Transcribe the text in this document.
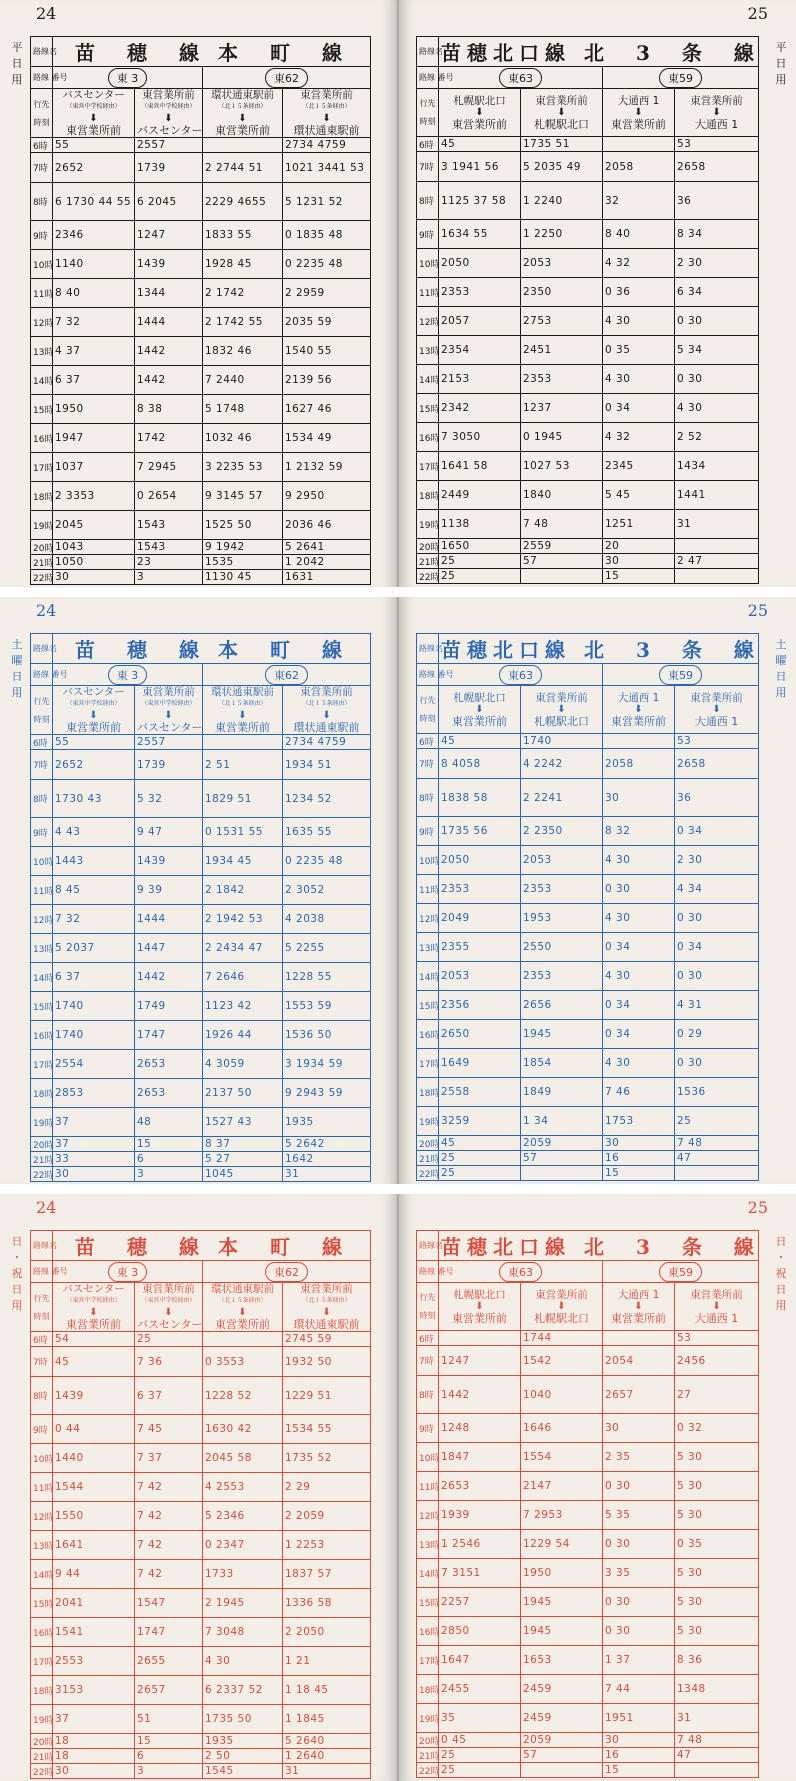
24
平
日
用
路線名	苗　穂　線 本　町　線			
路線 番号	東 3		東62	
行先

時刻	バスセンター
（東営中学校経由）
⬇
東営業所前	東営業所前
（東営中学校経由）
⬇
バスセンター	環状通東駅前
（北１５条経由）
⬇
東営業所前	東営業所前
（北１５条経由）
⬇
環状通東駅前

6時	55	2557		2734 4759
7時	2652	1739	2 2744 51	1021 3441 53
8時	6 1730 44 55	6 2045	2229 4655	5 1231 52
9時	2346	1247	1833 55	0 1835 48
10時	1140	1439	1928 45	0 2235 48
11時	8 40	1344	2 1742	2 2959
12時	7 32	1444	2 1742 55	2035 59
13時	4 37	1442	1832 46	1540 55
14時	6 37	1442	7 2440	2139 56
15時	1950	8 38	5 1748	1627 46
16時	1947	1742	1032 46	1534 49
17時	1037	7 2945	3 2235 53	1 2132 59
18時	2 3353	0 2654	9 3145 57	9 2950
19時	2045	1543	1525 50	2036 46
20時	1043	1543	9 1942	5 2641
21時	1050	23	1535	1 2042
22時	30	3	1130 45	1631
25
平
日
用
路線名	苗穂北口線 北　3　条　線			
路線 番号	東63		東59	
行先

時刻	札幌駅北口
⬇
東営業所前	東営業所前
⬇
札幌駅北口	大通西 1
⬇
東営業所前	東営業所前
⬇
大通西 1

6時	45	1735 51		53
7時	3 1941 56	5 2035 49	2058	2658
8時	1125 37 58	1 2240	32	36
9時	1634 55	1 2250	8 40	8 34
10時	2050	2053	4 32	2 30
11時	2353	2350	0 36	6 34
12時	2057	2753	4 30	0 30
13時	2354	2451	0 35	5 34
14時	2153	2353	4 30	0 30
15時	2342	1237	0 34	4 30
16時	7 3050	0 1945	4 32	2 52
17時	1641 58	1027 53	2345	1434
18時	2449	1840	5 45	1441
19時	1138	7 48	1251	31
20時	1650	2559	20	
21時	25	57	30	2 47
22時	25		15	
24
土
曜
日
用
路線名	苗　穂　線 本　町　線			
路線 番号	東 3		東62	
行先

時刻	バスセンター
（東営中学校経由）
⬇
東営業所前	東営業所前
（東営中学校経由）
⬇
バスセンター	環状通東駅前
（北１５条経由）
⬇
東営業所前	東営業所前
（北１５条経由）
⬇
環状通東駅前

6時	55	2557		2734 4759
7時	2652	1739	2 51	1934 51
8時	1730 43	5 32	1829 51	1234 52
9時	4 43	9 47	0 1531 55	1635 55
10時	1443	1439	1934 45	0 2235 48
11時	8 45	9 39	2 1842	2 3052
12時	7 32	1444	2 1942 53	4 2038
13時	5 2037	1447	2 2434 47	5 2255
14時	6 37	1442	7 2646	1228 55
15時	1740	1749	1123 42	1553 59
16時	1740	1747	1926 44	1536 50
17時	2554	2653	4 3059	3 1934 59
18時	2853	2653	2137 50	9 2943 59
19時	37	48	1527 43	1935
20時	37	15	8 37	5 2642
21時	33	6	5 27	1642
22時	30	3	1045	31
25
土
曜
日
用
路線名	苗穂北口線 北　3　条　線			
路線 番号	東63		東59	
行先

時刻	札幌駅北口
⬇
東営業所前	東営業所前
⬇
札幌駅北口	大通西 1
⬇
東営業所前	東営業所前
⬇
大通西 1

6時	45	1740		53
7時	8 4058	4 2242	2058	2658
8時	1838 58	2 2241	30	36
9時	1735 56	2 2350	8 32	0 34
10時	2050	2053	4 30	2 30
11時	2353	2353	0 30	4 34
12時	2049	1953	4 30	0 30
13時	2355	2550	0 34	0 34
14時	2053	2353	4 30	0 30
15時	2356	2656	0 34	4 31
16時	2650	1945	0 34	0 29
17時	1649	1854	4 30	0 30
18時	2558	1849	7 46	1536
19時	3259	1 34	1753	25
20時	45	2059	30	7 48
21時	25	57	16	47
22時	25		15	
24
日
・
祝
日
用
路線名	苗　穂　線 本　町　線			
路線 番号	東 3		東62	
行先

時刻	バスセンター
（東営中学校経由）
⬇
東営業所前	東営業所前
（東営中学校経由）
⬇
バスセンター	環状通東駅前
（北１５条経由）
⬇
東営業所前	東営業所前
（北１５条経由）
⬇
環状通東駅前

6時	54	25		2745 59
7時	45	7 36	0 3553	1932 50
8時	1439	6 37	1228 52	1229 51
9時	0 44	7 45	1630 42	1534 55
10時	1440	7 37	2045 58	1735 52
11時	1544	7 42	4 2553	2 29
12時	1550	7 42	5 2346	2 2059
13時	1641	7 42	0 2347	1 2253
14時	9 44	7 42	1733	1837 57
15時	2041	1547	2 1945	1336 58
16時	1541	1747	7 3048	2 2050
17時	2553	2655	4 30	1 21
18時	3153	2657	6 2337 52	1 18 45
19時	37	51	1735 50	1 1845
20時	18	15	1935	5 2640
21時	18	6	2 50	1 2640
22時	30	3	1545	31
25
日
・
祝
日
用
路線名	苗穂北口線 北　3　条　線			
路線 番号	東63		東59	
行先

時刻	札幌駅北口
⬇
東営業所前	東営業所前
⬇
札幌駅北口	大通西 1
⬇
東営業所前	東営業所前
⬇
大通西 1

6時		1744		53
7時	1247	1542	2054	2456
8時	1442	1040	2657	27
9時	1248	1646	30	0 32
10時	1847	1554	2 35	5 30
11時	2653	2147	0 30	5 30
12時	1939	7 2953	5 35	5 30
13時	1 2546	1229 54	0 30	0 35
14時	7 3151	1950	3 35	5 30
15時	2257	1945	0 30	5 30
16時	2850	1945	0 30	5 30
17時	1647	1653	1 37	8 36
18時	2455	2459	7 44	1348
19時	35	2459	1951	31
20時	0 45	2059	30	7 48
21時	25	57	16	47
22時	25		15	
